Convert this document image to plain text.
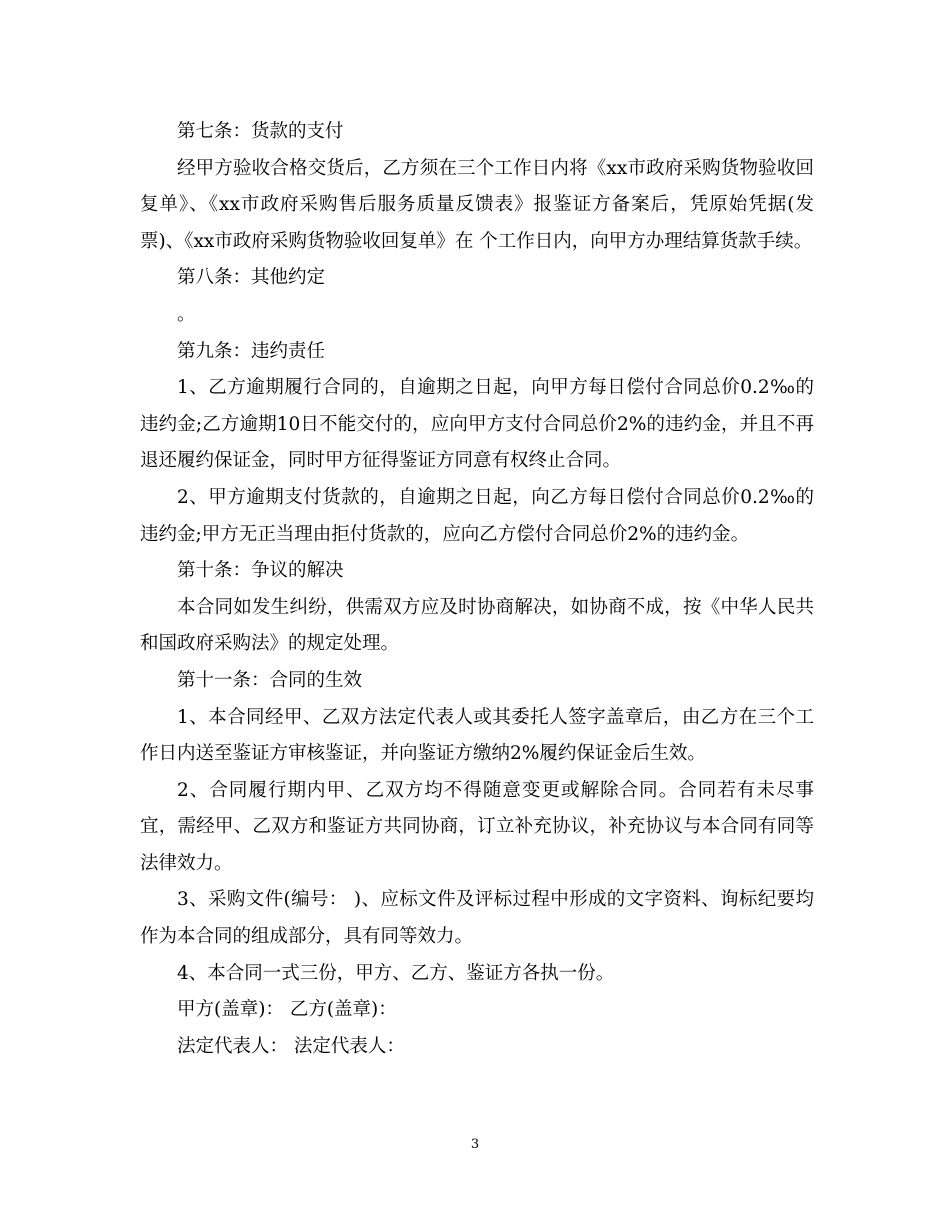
第七条：货款的支付

经甲方验收合格交货后，乙方须在三个工作日内将《xx市政府采购货物验收回复单》、《xx市政府采购售后服务质量反馈表》报鉴证方备案后，凭原始凭据(发票)、《xx市政府采购货物验收回复单》在 个工作日内，向甲方办理结算货款手续。

第八条：其他约定

。

第九条：违约责任

1、乙方逾期履行合同的，自逾期之日起，向甲方每日偿付合同总价0.2‰的违约金;乙方逾期10日不能交付的，应向甲方支付合同总价2%的违约金，并且不再退还履约保证金，同时甲方征得鉴证方同意有权终止合同。

2、甲方逾期支付货款的，自逾期之日起，向乙方每日偿付合同总价0.2‰的违约金;甲方无正当理由拒付货款的，应向乙方偿付合同总价2%的违约金。

第十条：争议的解决

本合同如发生纠纷，供需双方应及时协商解决，如协商不成，按《中华人民共和国政府采购法》的规定处理。

第十一条：合同的生效

1、本合同经甲、乙双方法定代表人或其委托人签字盖章后，由乙方在三个工作日内送至鉴证方审核鉴证，并向鉴证方缴纳2%履约保证金后生效。

2、合同履行期内甲、乙双方均不得随意变更或解除合同。合同若有未尽事宜，需经甲、乙双方和鉴证方共同协商，订立补充协议，补充协议与本合同有同等法律效力。

3、采购文件(编号： )、应标文件及评标过程中形成的文字资料、询标纪要均作为本合同的组成部分，具有同等效力。

4、本合同一式三份，甲方、乙方、鉴证方各执一份。

甲方(盖章)： 乙方(盖章)：

法定代表人： 法定代表人：

3
